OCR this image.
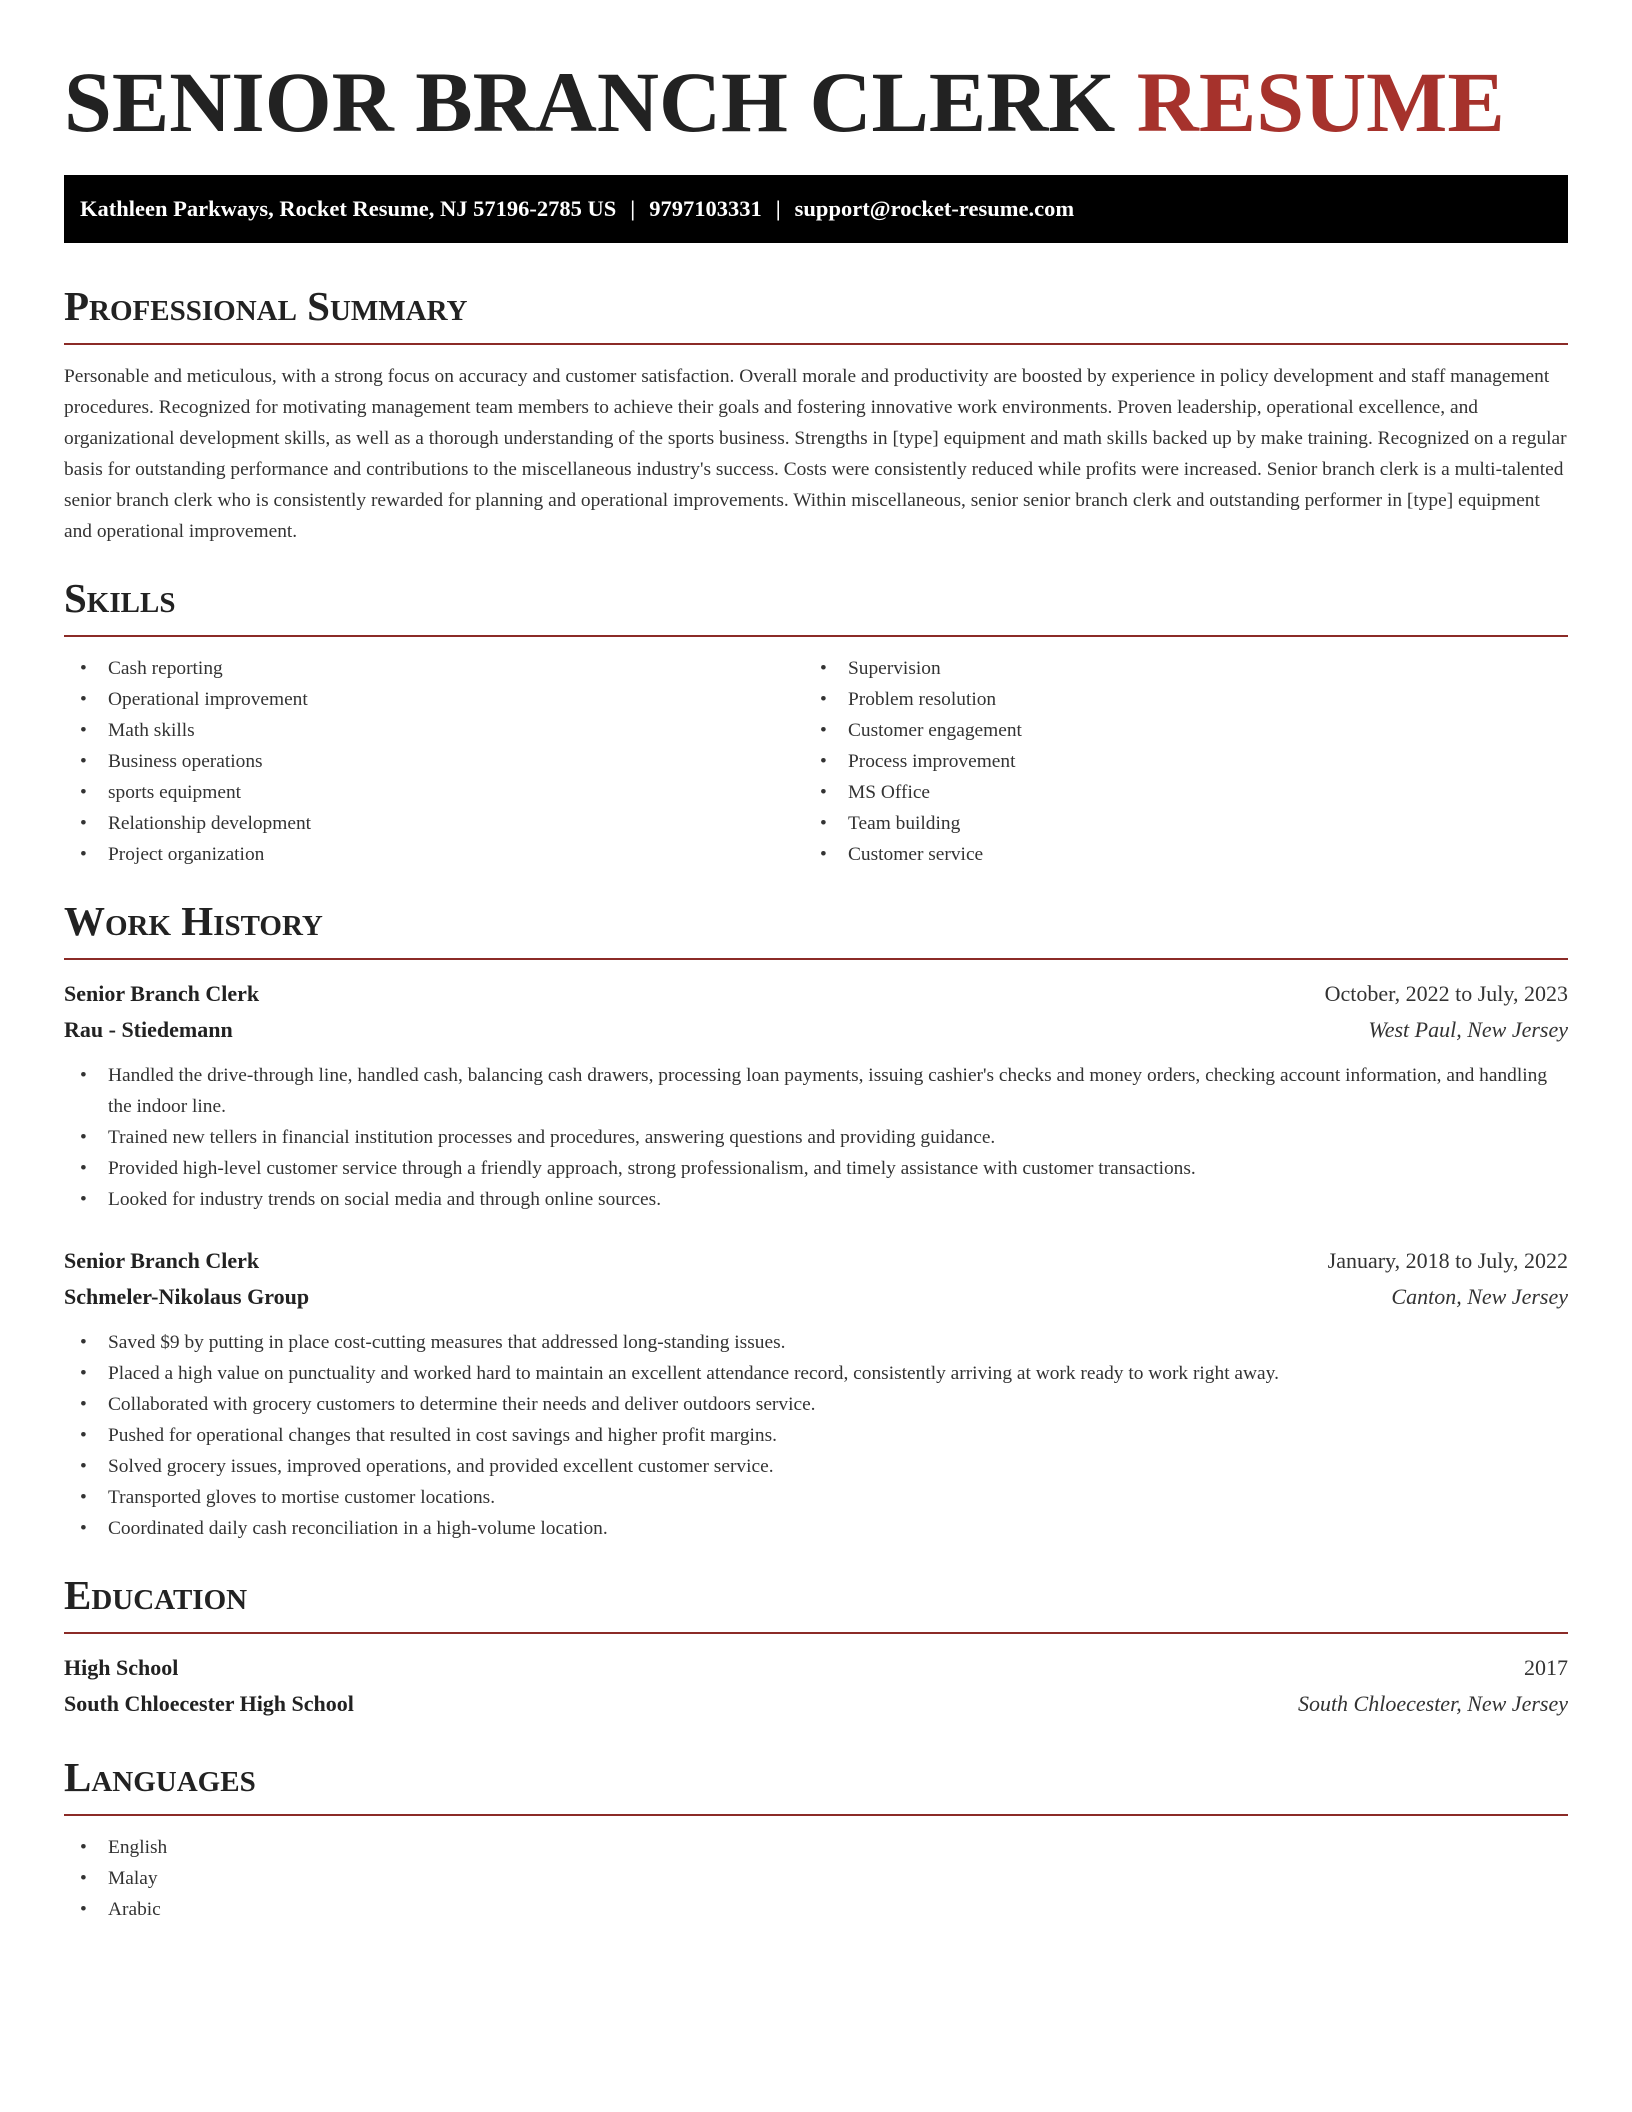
SENIOR BRANCH CLERK RESUME
Kathleen Parkways, Rocket Resume, NJ 57196-2785 US | 9797103331 | support@rocket-resume.com
Professional Summary

Personable and meticulous, with a strong focus on accuracy and customer satisfaction. Overall morale and productivity are boosted by experience in policy development and staff management procedures. Recognized for motivating management team members to achieve their goals and fostering innovative work environments. Proven leadership, operational excellence, and organizational development skills, as well as a thorough understanding of the sports business. Strengths in [type] equipment and math skills backed up by make training. Recognized on a regular basis for outstanding performance and contributions to the miscellaneous industry's success. Costs were consistently reduced while profits were increased. Senior branch clerk is a multi-talented senior branch clerk who is consistently rewarded for planning and operational improvements. Within miscellaneous, senior senior branch clerk and outstanding performer in [type] equipment and operational improvement.

Skills
• Cash reporting
• Operational improvement
• Math skills
• Business operations
• sports equipment
• Relationship development
• Project organization
• Supervision
• Problem resolution
• Customer engagement
• Process improvement
• MS Office
• Team building
• Customer service
Work History
Senior Branch Clerk	October, 2022 to July, 2023
Rau - Stiedemann	West Paul, New Jersey
• Handled the drive-through line, handled cash, balancing cash drawers, processing loan payments, issuing cashier's checks and money orders, checking account information, and handling the indoor line.
• Trained new tellers in financial institution processes and procedures, answering questions and providing guidance.
• Provided high-level customer service through a friendly approach, strong professionalism, and timely assistance with customer transactions.
• Looked for industry trends on social media and through online sources.
Senior Branch Clerk	January, 2018 to July, 2022
Schmeler-Nikolaus Group	Canton, New Jersey
• Saved $9 by putting in place cost-cutting measures that addressed long-standing issues.
• Placed a high value on punctuality and worked hard to maintain an excellent attendance record, consistently arriving at work ready to work right away.
• Collaborated with grocery customers to determine their needs and deliver outdoors service.
• Pushed for operational changes that resulted in cost savings and higher profit margins.
• Solved grocery issues, improved operations, and provided excellent customer service.
• Transported gloves to mortise customer locations.
• Coordinated daily cash reconciliation in a high-volume location.
Education
High School	2017
South Chloecester High School	South Chloecester, New Jersey
Languages
• English
• Malay
• Arabic
